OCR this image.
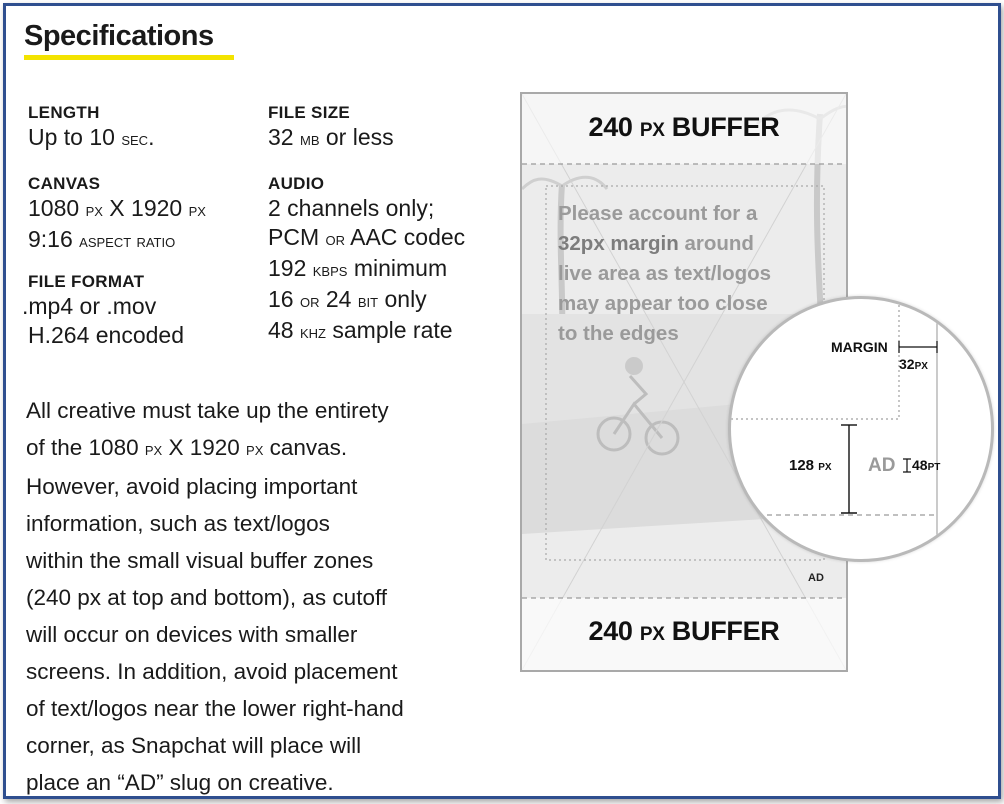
Specifications
LENGTH
Up to 10 sec.
FILE SIZE
32 mb or less
CANVAS
1080 px X 1920 px
9:16 aspect ratio
AUDIO
2 channels only;
PCM or AAC codec
192 kbps minimum
16 or 24 bit only
48 khz sample rate
FILE FORMAT
.mp4 or .mov
H.264 encoded
All creative must take up the entirety
of the 1080 px X 1920 px canvas.
However, avoid placing important
information, such as text/logos
within the small visual buffer zones
(240 px at top and bottom), as cutoff
will occur on devices with smaller
screens. In addition, avoid placement
of text/logos near the lower right-hand
corner, as Snapchat will place will
place an “AD” slug on creative.
240 PX BUFFER
Please account for a
32px margin around
live area as text/logos
may appear too close
to the edges
AD
240 PX BUFFER
MARGIN
32PX
128 PX AD 48PT
